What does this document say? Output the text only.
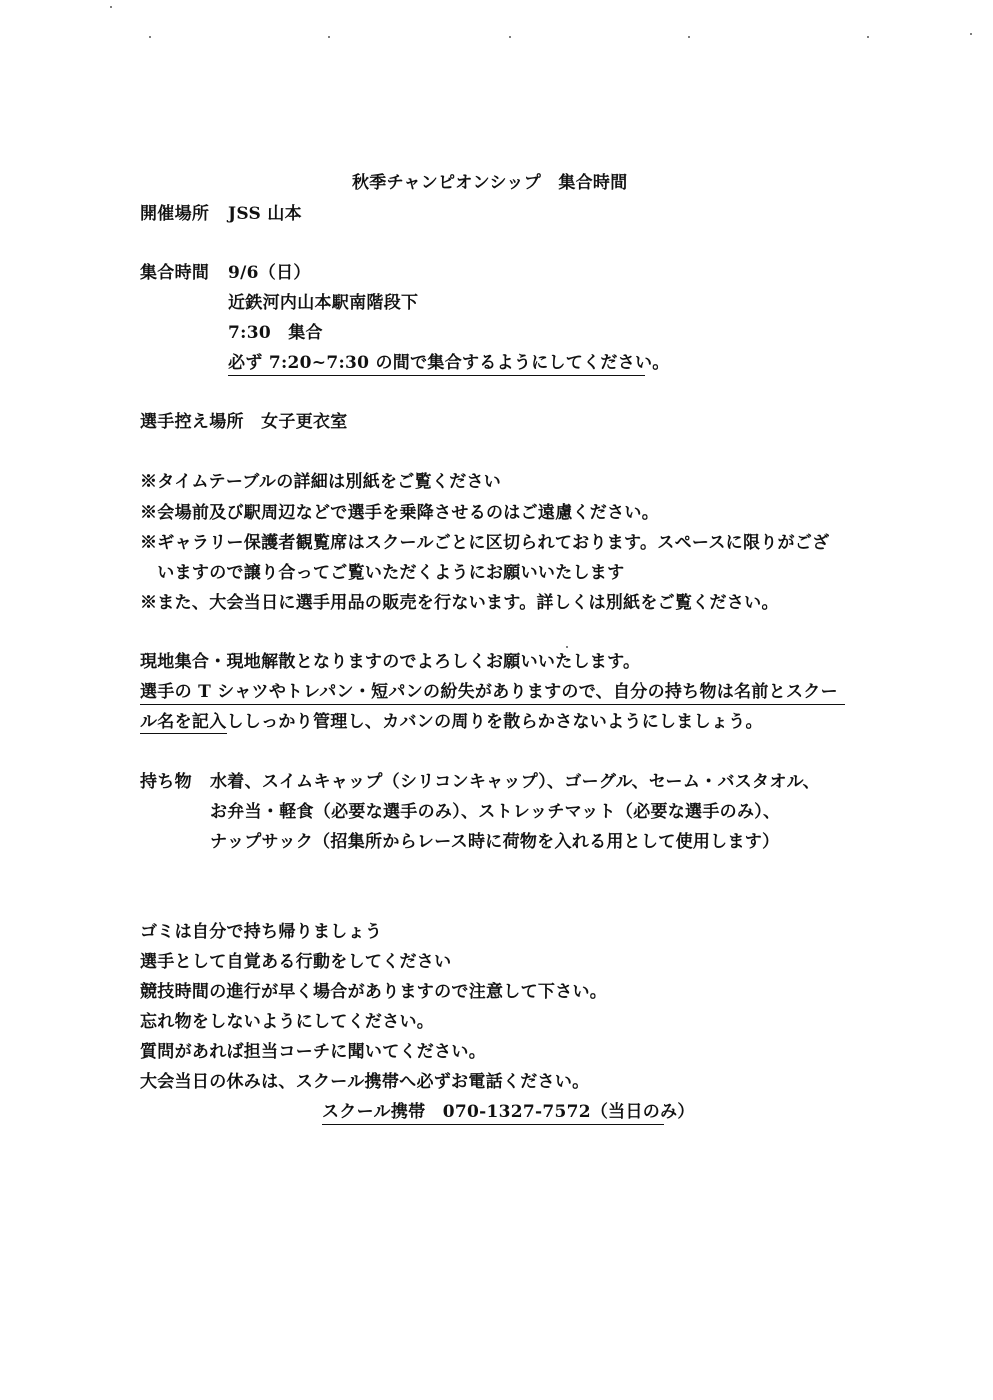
秋季チャンピオンシップ　集合時間
開催場所 JSS 山本
集合時間 9/6（日）
近鉄河内山本駅南階段下
7:30　集合
必ず 7:20~7:30 の間で集合するようにしてください。
選手控え場所　女子更衣室
※タイムテーブルの詳細は別紙をご覧ください
※会場前及び駅周辺などで選手を乗降させるのはご遠慮ください。
※ギャラリー保護者観覧席はスクールごとに区切られております。スペースに限りがござ
　いますので譲り合ってご覧いただくようにお願いいたします
※また、大会当日に選手用品の販売を行ないます。詳しくは別紙をご覧ください。
現地集合・現地解散となりますのでよろしくお願いいたします。
選手の T シャツやトレパン・短パンの紛失がありますので、自分の持ち物は名前とスクー
ル名を記入ししっかり管理し、カバンの周りを散らかさないようにしましょう。
持ち物 水着、スイムキャップ（シリコンキャップ）、ゴーグル、セーム・バスタオル、
お弁当・軽食（必要な選手のみ）、ストレッチマット（必要な選手のみ）、
ナップサック（招集所からレース時に荷物を入れる用として使用します）
ゴミは自分で持ち帰りましょう
選手として自覚ある行動をしてください
競技時間の進行が早く場合がありますので注意して下さい。
忘れ物をしないようにしてください。
質問があれば担当コーチに聞いてください。
大会当日の休みは、スクール携帯へ必ずお電話ください。
スクール携帯　070-1327-7572（当日のみ）
